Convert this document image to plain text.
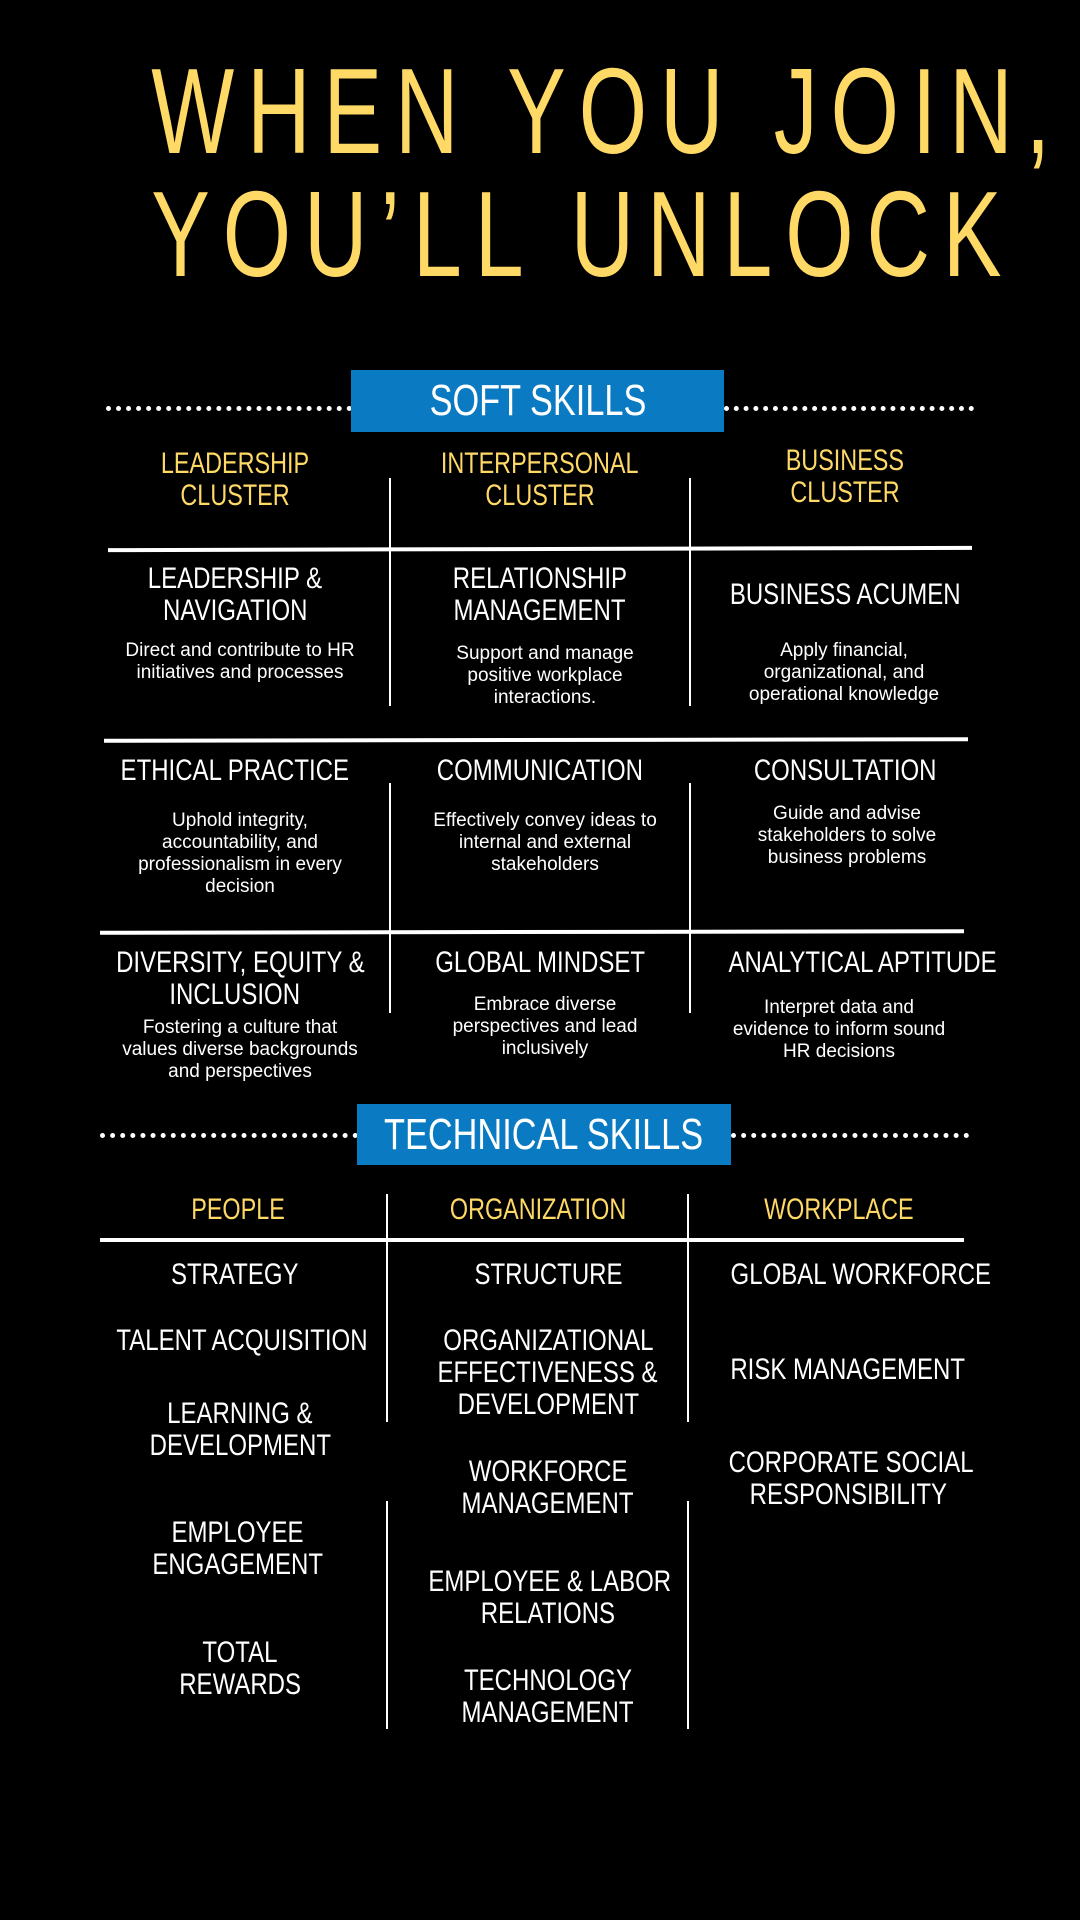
WHEN YOU JOIN,
YOU’LL UNLOCK
SOFT SKILLS
LEADERSHIP
CLUSTER
INTERPERSONAL
CLUSTER
BUSINESS
CLUSTER
LEADERSHIP &
NAVIGATION
Direct and contribute to HR initiatives and processes
RELATIONSHIP
MANAGEMENT
Support and manage positive workplace interactions.
BUSINESS ACUMEN
Apply financial, organizational, and operational knowledge
ETHICAL PRACTICE
Uphold integrity, accountability, and professionalism in every decision
COMMUNICATION
Effectively convey ideas to internal and external stakeholders
CONSULTATION
Guide and advise stakeholders to solve business problems
DIVERSITY, EQUITY &
INCLUSION
Fostering a culture that values diverse backgrounds and perspectives
GLOBAL MINDSET
Embrace diverse perspectives and lead inclusively
ANALYTICAL APTITUDE
Interpret data and evidence to inform sound HR decisions
TECHNICAL SKILLS
PEOPLE	ORGANIZATION	WORKPLACE
STRATEGY
TALENT ACQUISITION
LEARNING &
DEVELOPMENT
EMPLOYEE
ENGAGEMENT
TOTAL
REWARDS
STRUCTURE
ORGANIZATIONAL
EFFECTIVENESS &
DEVELOPMENT
WORKFORCE
MANAGEMENT
EMPLOYEE & LABOR
RELATIONS
TECHNOLOGY
MANAGEMENT
GLOBAL WORKFORCE
RISK MANAGEMENT
CORPORATE SOCIAL
RESPONSIBILITY
